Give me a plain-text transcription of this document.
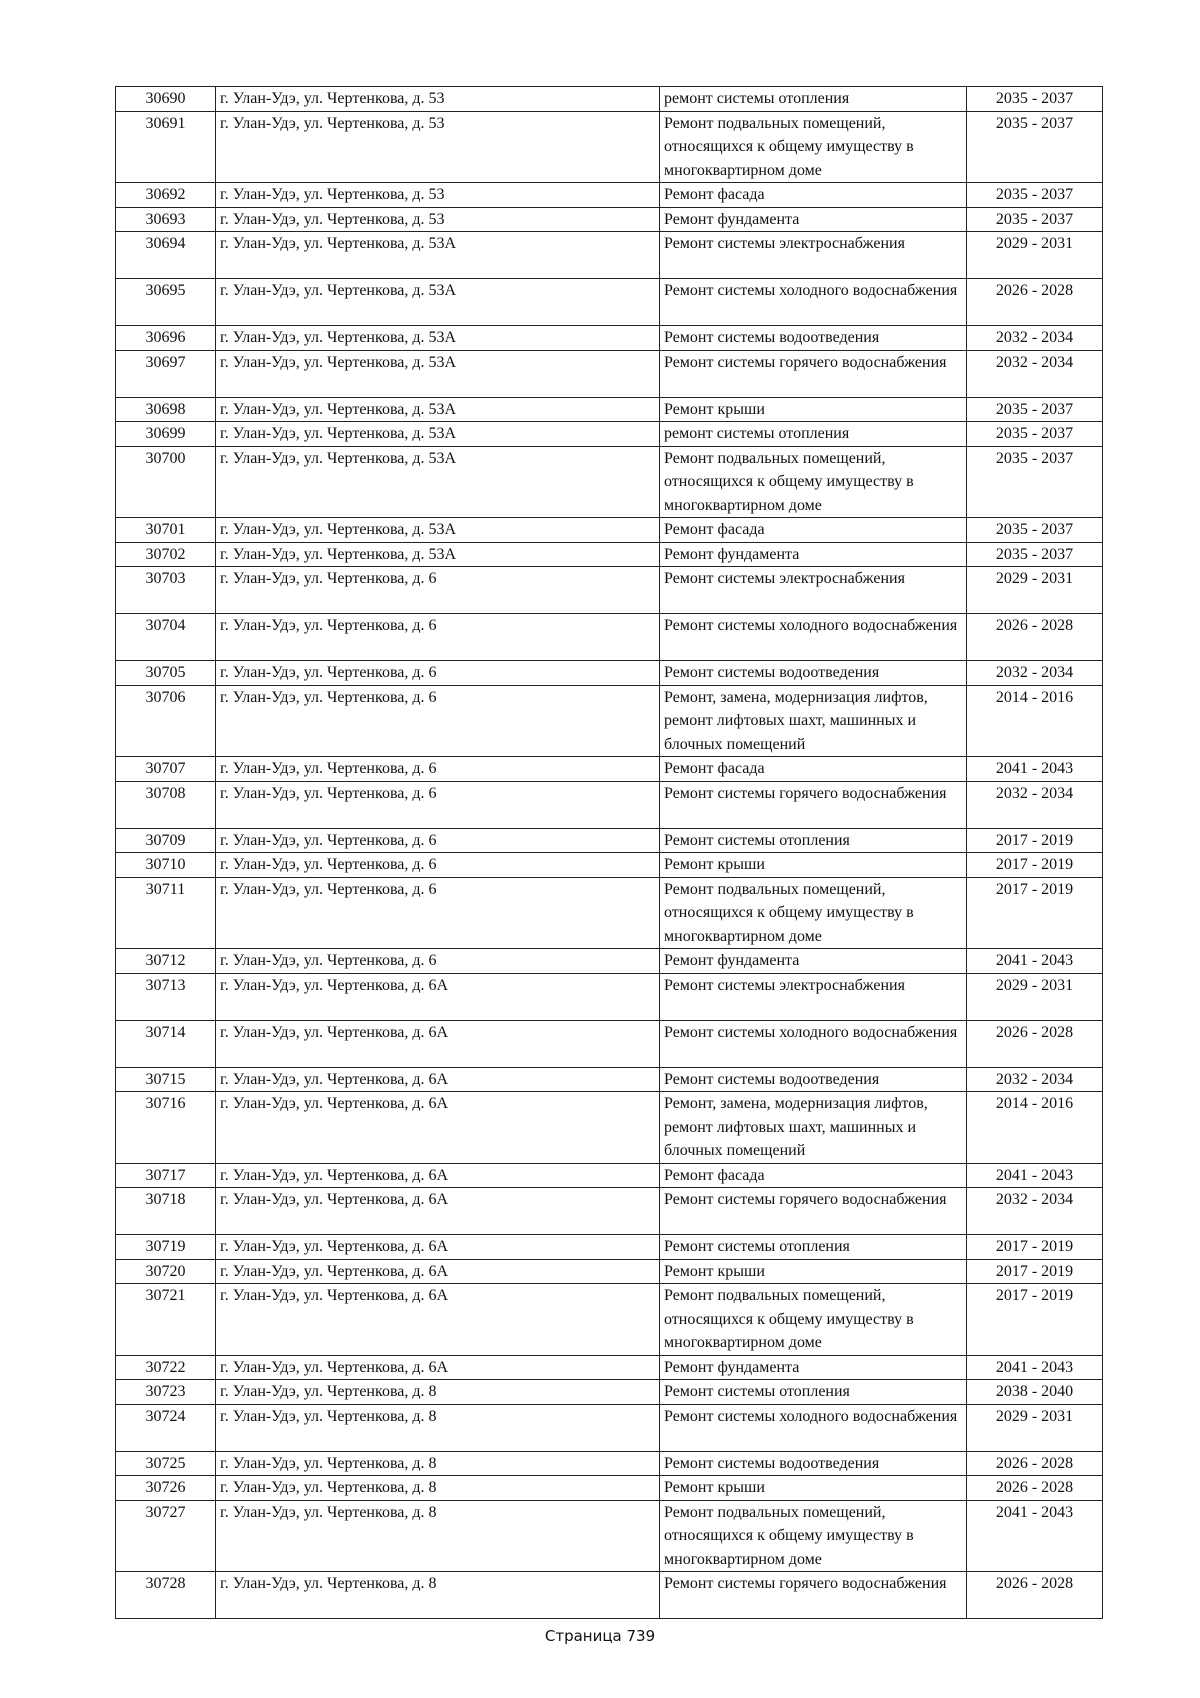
30690	г. Улан-Удэ, ул. Чертенкова, д. 53	ремонт системы отопления	2035 - 2037
30691	г. Улан-Удэ, ул. Чертенкова, д. 53	Ремонт подвальных помещений, относящихся к общему имуществу в многоквартирном доме	2035 - 2037
30692	г. Улан-Удэ, ул. Чертенкова, д. 53	Ремонт фасада	2035 - 2037
30693	г. Улан-Удэ, ул. Чертенкова, д. 53	Ремонт фундамента	2035 - 2037
30694	г. Улан-Удэ, ул. Чертенкова, д. 53А	Ремонт системы электроснабжения	2029 - 2031
30695	г. Улан-Удэ, ул. Чертенкова, д. 53А	Ремонт системы холодного водоснабжения	2026 - 2028
30696	г. Улан-Удэ, ул. Чертенкова, д. 53А	Ремонт системы водоотведения	2032 - 2034
30697	г. Улан-Удэ, ул. Чертенкова, д. 53А	Ремонт системы горячего водоснабжения	2032 - 2034
30698	г. Улан-Удэ, ул. Чертенкова, д. 53А	Ремонт крыши	2035 - 2037
30699	г. Улан-Удэ, ул. Чертенкова, д. 53А	ремонт системы отопления	2035 - 2037
30700	г. Улан-Удэ, ул. Чертенкова, д. 53А	Ремонт подвальных помещений, относящихся к общему имуществу в многоквартирном доме	2035 - 2037
30701	г. Улан-Удэ, ул. Чертенкова, д. 53А	Ремонт фасада	2035 - 2037
30702	г. Улан-Удэ, ул. Чертенкова, д. 53А	Ремонт фундамента	2035 - 2037
30703	г. Улан-Удэ, ул. Чертенкова, д. 6	Ремонт системы электроснабжения	2029 - 2031
30704	г. Улан-Удэ, ул. Чертенкова, д. 6	Ремонт системы холодного водоснабжения	2026 - 2028
30705	г. Улан-Удэ, ул. Чертенкова, д. 6	Ремонт системы водоотведения	2032 - 2034
30706	г. Улан-Удэ, ул. Чертенкова, д. 6	Ремонт, замена, модернизация лифтов, ремонт лифтовых шахт, машинных и блочных помещений	2014 - 2016
30707	г. Улан-Удэ, ул. Чертенкова, д. 6	Ремонт фасада	2041 - 2043
30708	г. Улан-Удэ, ул. Чертенкова, д. 6	Ремонт системы горячего водоснабжения	2032 - 2034
30709	г. Улан-Удэ, ул. Чертенкова, д. 6	Ремонт системы отопления	2017 - 2019
30710	г. Улан-Удэ, ул. Чертенкова, д. 6	Ремонт крыши	2017 - 2019
30711	г. Улан-Удэ, ул. Чертенкова, д. 6	Ремонт подвальных помещений, относящихся к общему имуществу в многоквартирном доме	2017 - 2019
30712	г. Улан-Удэ, ул. Чертенкова, д. 6	Ремонт фундамента	2041 - 2043
30713	г. Улан-Удэ, ул. Чертенкова, д. 6А	Ремонт системы электроснабжения	2029 - 2031
30714	г. Улан-Удэ, ул. Чертенкова, д. 6А	Ремонт системы холодного водоснабжения	2026 - 2028
30715	г. Улан-Удэ, ул. Чертенкова, д. 6А	Ремонт системы водоотведения	2032 - 2034
30716	г. Улан-Удэ, ул. Чертенкова, д. 6А	Ремонт, замена, модернизация лифтов, ремонт лифтовых шахт, машинных и блочных помещений	2014 - 2016
30717	г. Улан-Удэ, ул. Чертенкова, д. 6А	Ремонт фасада	2041 - 2043
30718	г. Улан-Удэ, ул. Чертенкова, д. 6А	Ремонт системы горячего водоснабжения	2032 - 2034
30719	г. Улан-Удэ, ул. Чертенкова, д. 6А	Ремонт системы отопления	2017 - 2019
30720	г. Улан-Удэ, ул. Чертенкова, д. 6А	Ремонт крыши	2017 - 2019
30721	г. Улан-Удэ, ул. Чертенкова, д. 6А	Ремонт подвальных помещений, относящихся к общему имуществу в многоквартирном доме	2017 - 2019
30722	г. Улан-Удэ, ул. Чертенкова, д. 6А	Ремонт фундамента	2041 - 2043
30723	г. Улан-Удэ, ул. Чертенкова, д. 8	Ремонт системы отопления	2038 - 2040
30724	г. Улан-Удэ, ул. Чертенкова, д. 8	Ремонт системы холодного водоснабжения	2029 - 2031
30725	г. Улан-Удэ, ул. Чертенкова, д. 8	Ремонт системы водоотведения	2026 - 2028
30726	г. Улан-Удэ, ул. Чертенкова, д. 8	Ремонт крыши	2026 - 2028
30727	г. Улан-Удэ, ул. Чертенкова, д. 8	Ремонт подвальных помещений, относящихся к общему имуществу в многоквартирном доме	2041 - 2043
30728	г. Улан-Удэ, ул. Чертенкова, д. 8	Ремонт системы горячего водоснабжения	2026 - 2028
Страница 739
